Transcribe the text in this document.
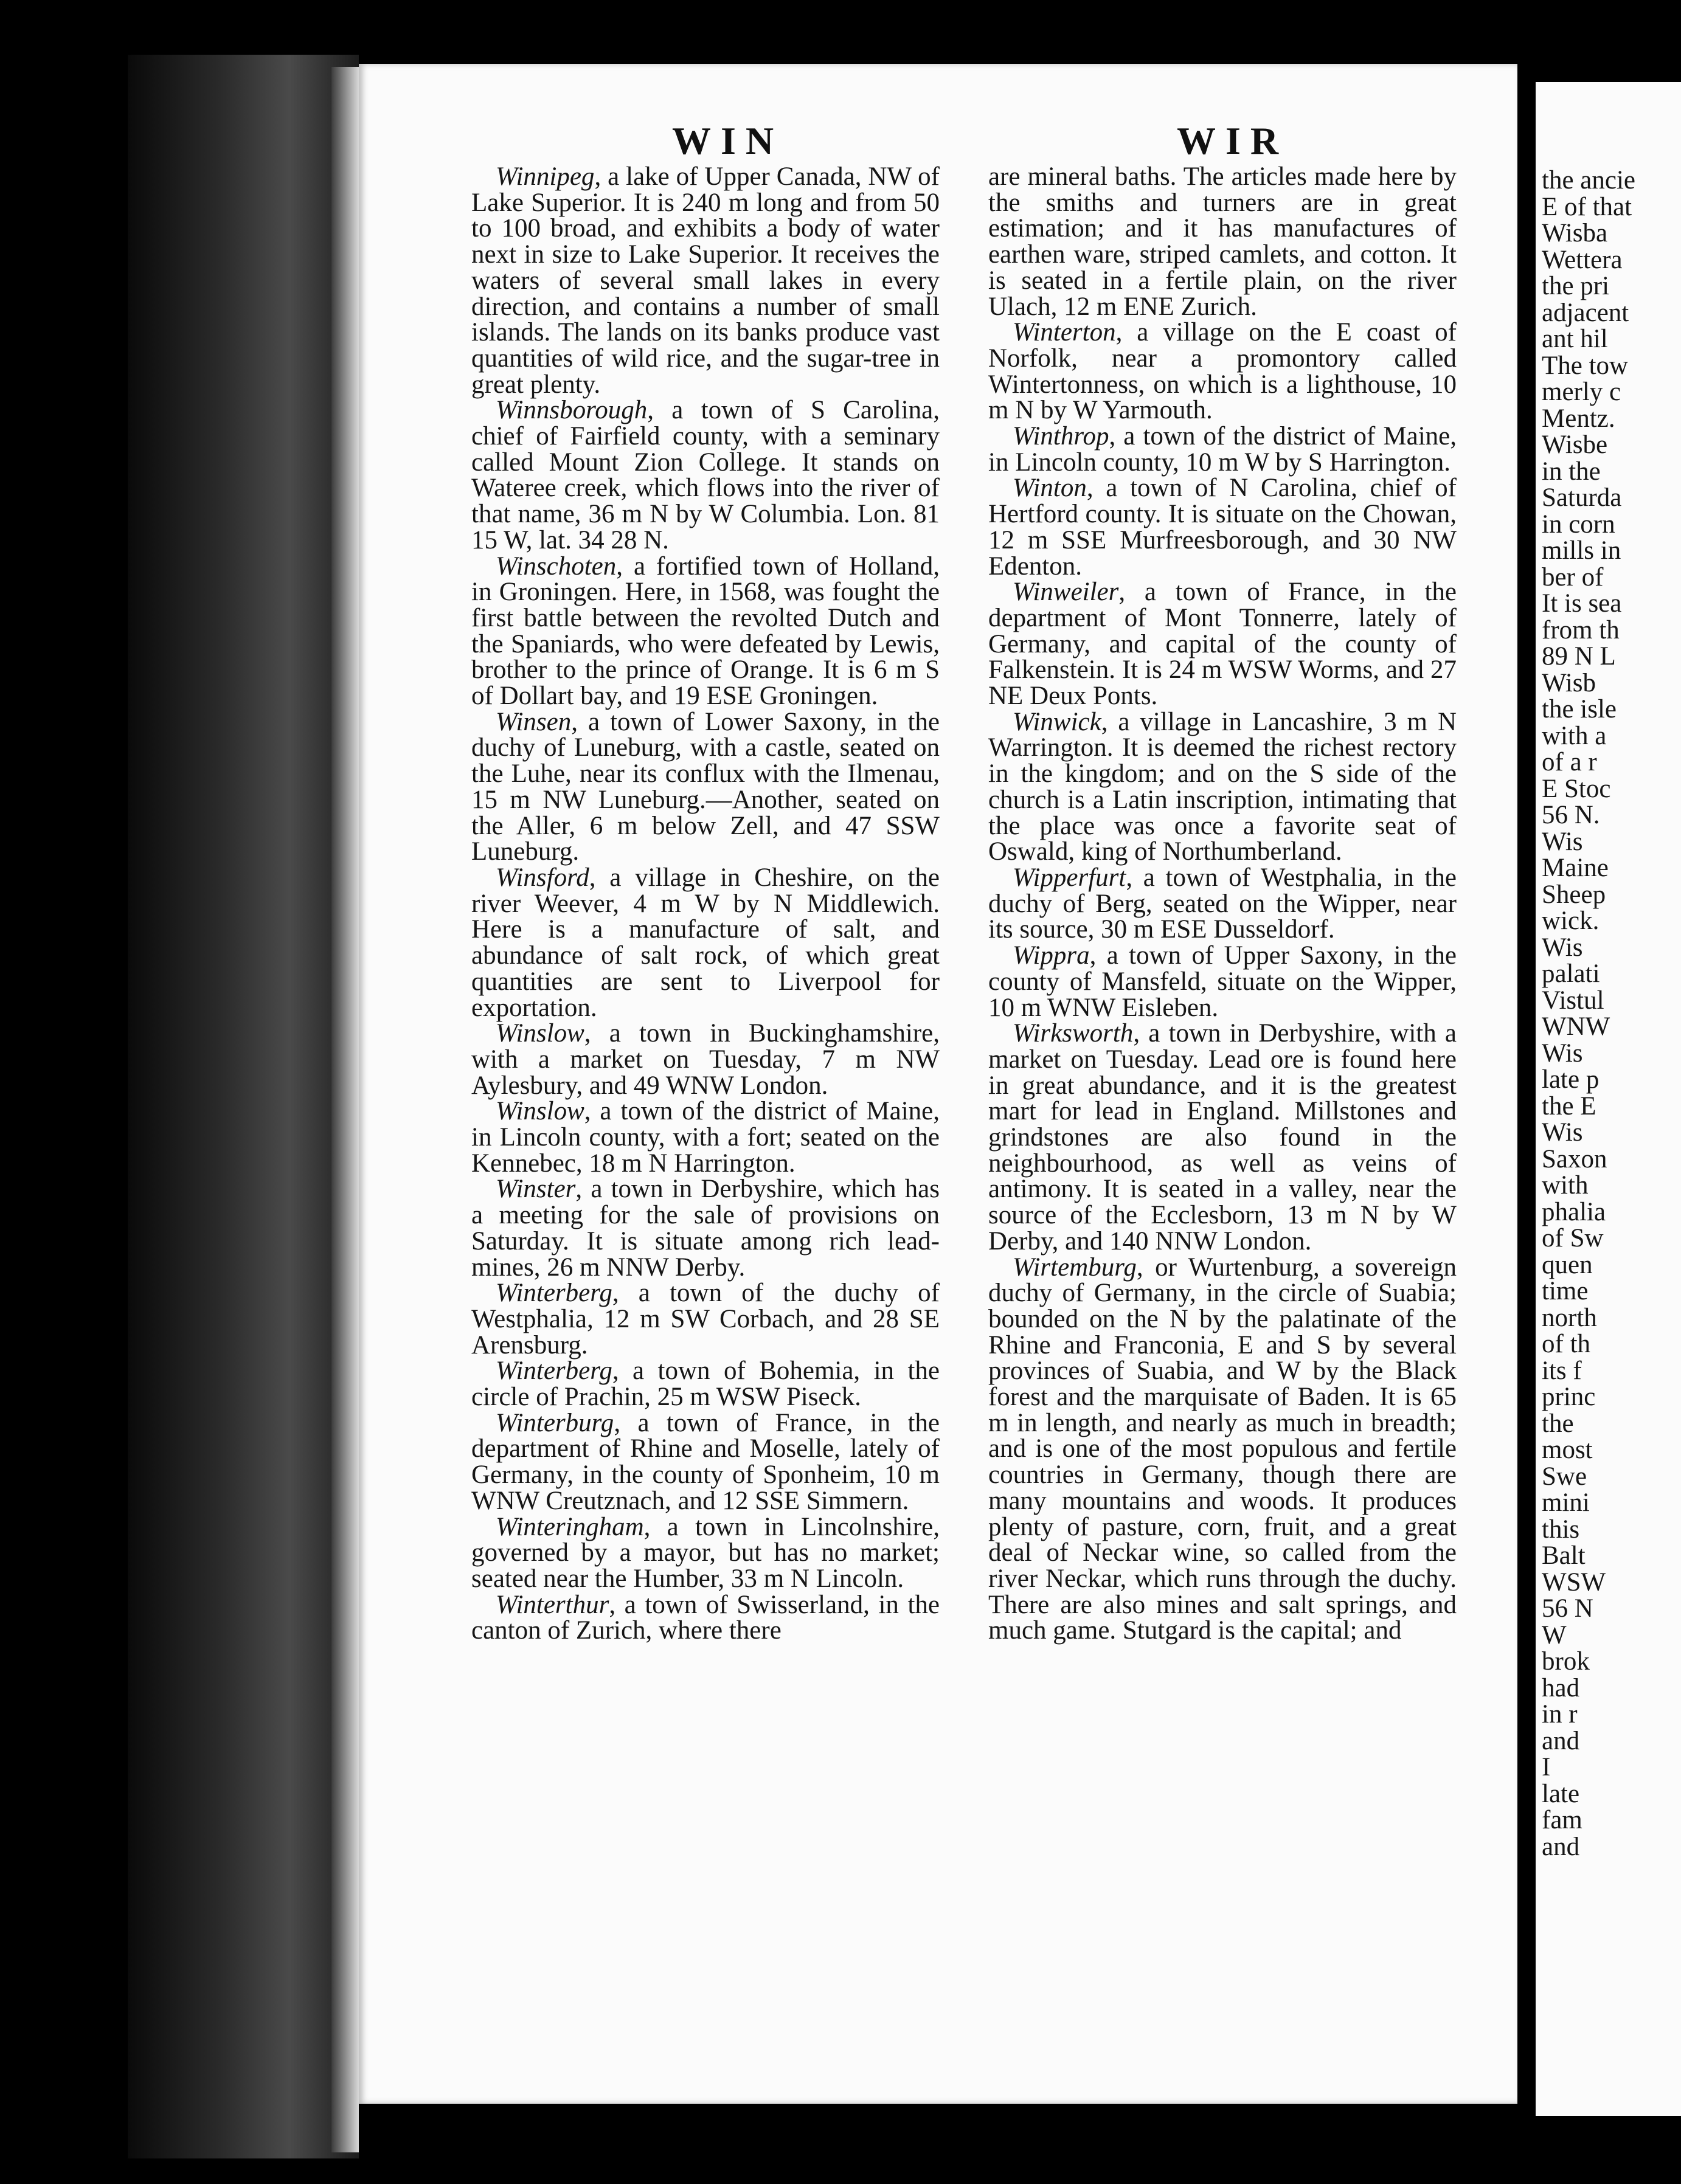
WIN	WIR

Winnipeg, a lake of Upper Canada, NW of Lake Superior. It is 240 m long and from 50 to 100 broad, and exhibits a body of water next in size to Lake Superior. It receives the waters of several small lakes in every direction, and contains a number of small islands. The lands on its banks produce vast quantities of wild rice, and the sugar-tree in great plenty.

Winnsborough, a town of S Carolina, chief of Fairfield county, with a seminary called Mount Zion College. It stands on Wateree creek, which flows into the river of that name, 36 m N by W Columbia. Lon. 81 15 W, lat. 34 28 N.

Winschoten, a fortified town of Holland, in Groningen. Here, in 1568, was fought the first battle between the revolted Dutch and the Spaniards, who were defeated by Lewis, brother to the prince of Orange. It is 6 m S of Dollart bay, and 19 ESE Groningen.

Winsen, a town of Lower Saxony, in the duchy of Luneburg, with a castle, seated on the Luhe, near its conflux with the Ilmenau, 15 m NW Luneburg.—Another, seated on the Aller, 6 m below Zell, and 47 SSW Luneburg.

Winsford, a village in Cheshire, on the river Weever, 4 m W by N Middlewich. Here is a manufacture of salt, and abundance of salt rock, of which great quantities are sent to Liverpool for exportation.

Winslow, a town in Buckinghamshire, with a market on Tuesday, 7 m NW Aylesbury, and 49 WNW London.

Winslow, a town of the district of Maine, in Lincoln county, with a fort; seated on the Kennebec, 18 m N Harrington.

Winster, a town in Derbyshire, which has a meeting for the sale of provisions on Saturday. It is situate among rich lead-mines, 26 m NNW Derby.

Winterberg, a town of the duchy of Westphalia, 12 m SW Corbach, and 28 SE Arensburg.

Winterberg, a town of Bohemia, in the circle of Prachin, 25 m WSW Piseck.

Winterburg, a town of France, in the department of Rhine and Moselle, lately of Germany, in the county of Sponheim, 10 m WNW Creutznach, and 12 SSE Simmern.

Winteringham, a town in Lincolnshire, governed by a mayor, but has no market; seated near the Humber, 33 m N Lincoln.

Winterthur, a town of Swisserland, in the canton of Zurich, where there

are mineral baths. The articles made here by the smiths and turners are in great estimation; and it has manufactures of earthen ware, striped camlets, and cotton. It is seated in a fertile plain, on the river Ulach, 12 m ENE Zurich.

Winterton, a village on the E coast of Norfolk, near a promontory called Wintertonness, on which is a lighthouse, 10 m N by W Yarmouth.

Winthrop, a town of the district of Maine, in Lincoln county, 10 m W by S Harrington.

Winton, a town of N Carolina, chief of Hertford county. It is situate on the Chowan, 12 m SSE Murfreesborough, and 30 NW Edenton.

Winweiler, a town of France, in the department of Mont Tonnerre, lately of Germany, and capital of the county of Falkenstein. It is 24 m WSW Worms, and 27 NE Deux Ponts.

Winwick, a village in Lancashire, 3 m N Warrington. It is deemed the richest rectory in the kingdom; and on the S side of the church is a Latin inscription, intimating that the place was once a favorite seat of Oswald, king of Northumberland.

Wipperfurt, a town of Westphalia, in the duchy of Berg, seated on the Wipper, near its source, 30 m ESE Dusseldorf.

Wippra, a town of Upper Saxony, in the county of Mansfeld, situate on the Wipper, 10 m WNW Eisleben.

Wirksworth, a town in Derbyshire, with a market on Tuesday. Lead ore is found here in great abundance, and it is the greatest mart for lead in England. Millstones and grindstones are also found in the neighbourhood, as well as veins of antimony. It is seated in a valley, near the source of the Ecclesborn, 13 m N by W Derby, and 140 NNW London.

Wirtemburg, or Wurtenburg, a sovereign duchy of Germany, in the circle of Suabia; bounded on the N by the palatinate of the Rhine and Franconia, E and S by several provinces of Suabia, and W by the Black forest and the marquisate of Baden. It is 65 m in length, and nearly as much in breadth; and is one of the most populous and fertile countries in Germany, though there are many mountains and woods. It produces plenty of pasture, corn, fruit, and a great deal of Neckar wine, so called from the river Neckar, which runs through the duchy. There are also mines and salt springs, and much game. Stutgard is the capital; and

the ancie
E of that
Wisba
Wettera
the pri
adjacent
ant hil
The tow
merly c
Mentz.
Wisbe
in the
Saturda
in corn
mills in
ber of
It is sea
from th
89 N L
Wisb
the isle
with a
of a r
E Stoc
56 N.
Wis
Maine
Sheep
wick.
Wis
palati
Vistul
WNW
Wis
late p
the E
Wis
Saxon
with
phalia
of Sw
quen
time
north
of th
its f
princ
the
most
Swe
mini
this
Balt
WSW
56 N
W
brok
had
in r
and
I
late
fam
and
